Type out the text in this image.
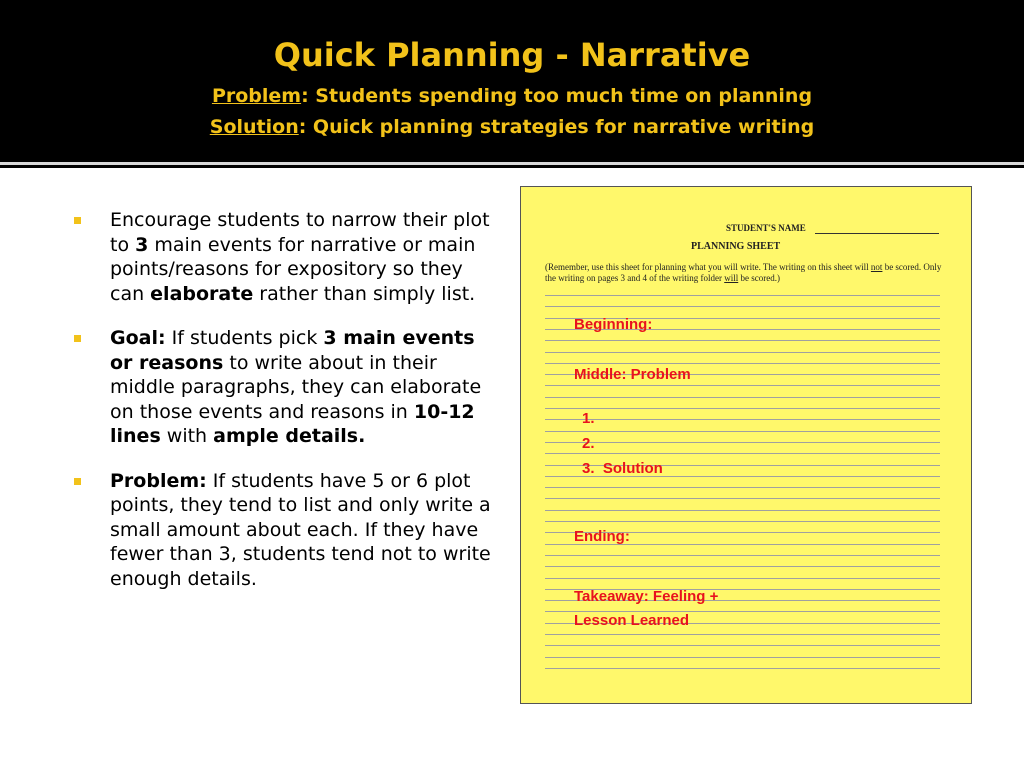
Quick Planning - Narrative
Problem: Students spending too much time on planning
Solution: Quick planning strategies for narrative writing
Encourage students to narrow their plot to 3 main events for narrative or main points/reasons for expository so they can elaborate rather than simply list.
Goal: If students pick 3 main events or reasons to write about in their middle paragraphs, they can elaborate on those events and reasons in 10-12 lines with ample details.
Problem: If students have 5 or 6 plot points, they tend to list and only write a small amount about each. If they have fewer than 3, students tend not to write enough details.
STUDENT'S NAME
PLANNING SHEET
(Remember, use this sheet for planning what you will write. The writing on this sheet will not be scored. Only the writing on pages 3 and 4 of the writing folder will be scored.)
Beginning:
Middle: Problem
1.
2.
3. Solution
Ending:
Takeaway: Feeling +
Lesson Learned
